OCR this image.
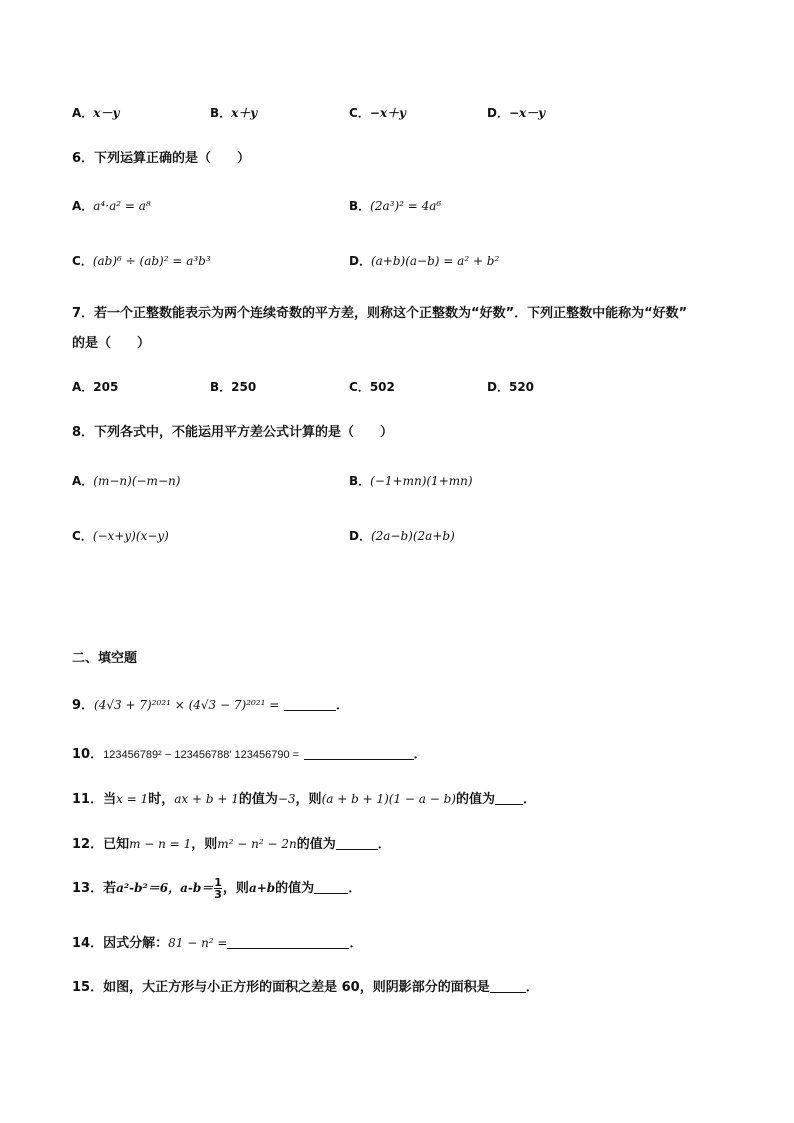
A．x－y	B．x＋y	C．−x＋y	D．−x－y
6．下列运算正确的是（　　）
A．a⁴·a² = a⁸	B．(2a³)² = 4a⁶
C．(ab)⁶ ÷ (ab)² = a³b³	D．(a+b)(a−b) = a² + b²
7．若一个正整数能表示为两个连续奇数的平方差，则称这个正整数为“好数”．下列正整数中能称为“好数”
的是（　　）
A．205	B．250	C．502	D．520
8．下列各式中，不能运用平方差公式计算的是（　　）
A．(m−n)(−m−n)	B．(−1+mn)(1+mn)
C．(−x+y)(x−y)	D．(2a−b)(2a+b)
二、填空题
9．(4√3 + 7)²⁰²¹ × (4√3 − 7)²⁰²¹ =	．
10．123456789² − 123456788′ 123456790 =	．
11．当x = 1时，ax + b + 1的值为−3，则(a + b + 1)(1 − a − b)的值为 ．
12．已知m − n = 1，则m² − n² − 2n的值为	．
13．若a²-b²＝6，$a-b= \frac{1}{3}$ ，则a+b的值为	．
14．因式分解：81 − n² =	．
15．如图，大正方形与小正方形的面积之差是 60，则阴影部分的面积是	．
